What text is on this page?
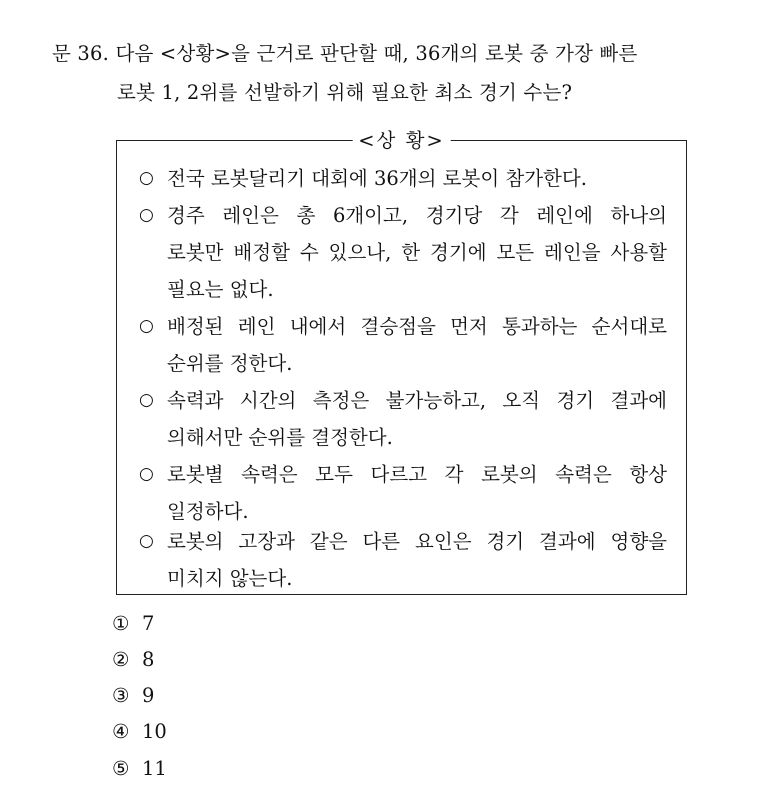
문 36. 다음 <상황>을 근거로 판단할 때, 36개의 로봇 중 가장 빠른
로봇 1, 2위를 선발하기 위해 필요한 최소 경기 수는?
<상 황>
○ 전국 로봇달리기 대회에 36개의 로봇이 참가한다.
○ 경주 레인은 총 6개이고, 경기당 각 레인에 하나의
로봇만 배정할 수 있으나, 한 경기에 모든 레인을 사용할
필요는 없다.
○ 배정된 레인 내에서 결승점을 먼저 통과하는 순서대로
순위를 정한다.
○ 속력과 시간의 측정은 불가능하고, 오직 경기 결과에
의해서만 순위를 결정한다.
○ 로봇별 속력은 모두 다르고 각 로봇의 속력은 항상
일정하다.
○ 로봇의 고장과 같은 다른 요인은 경기 결과에 영향을
미치지 않는다.
① 7
② 8
③ 9
④ 10
⑤ 11
